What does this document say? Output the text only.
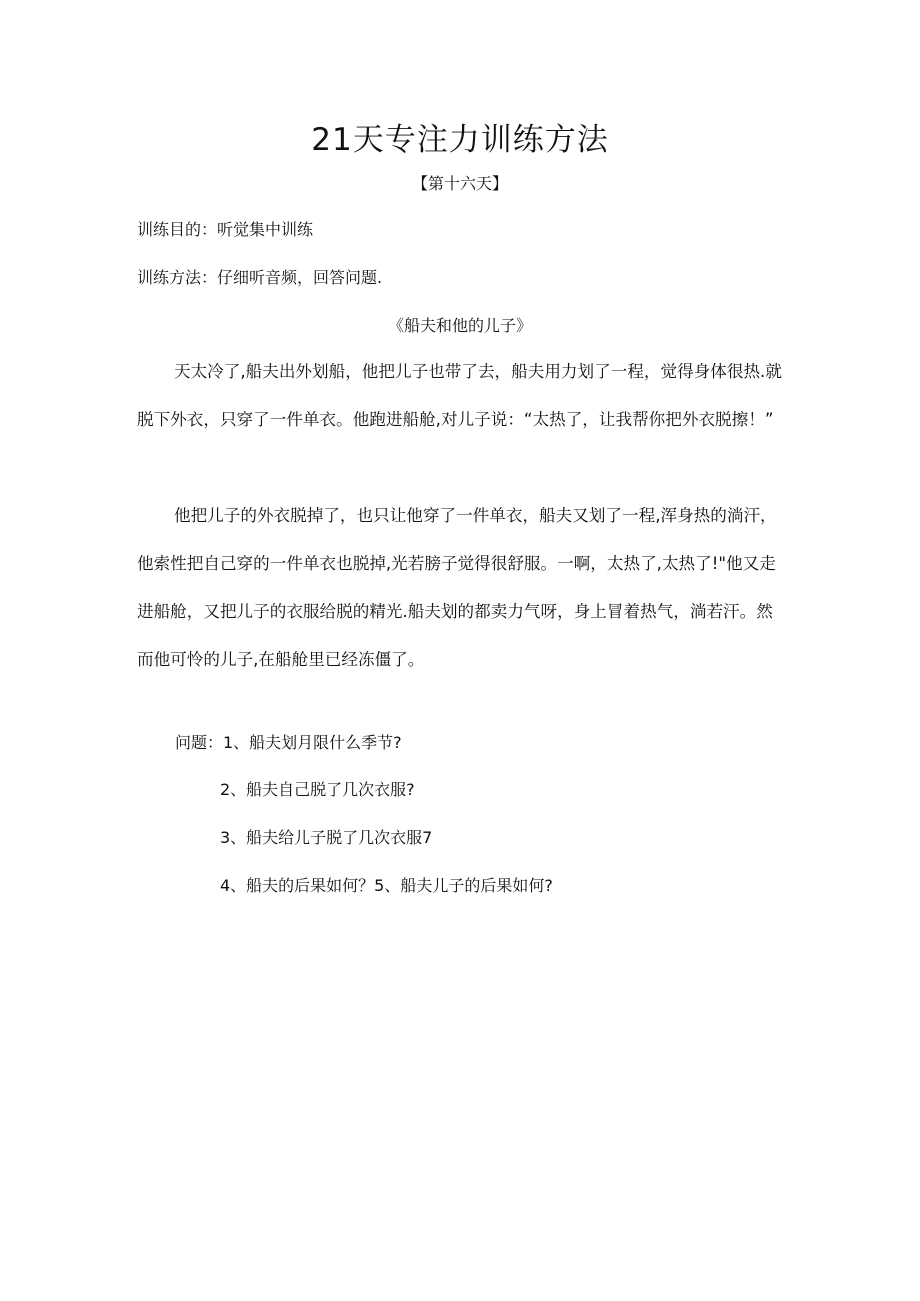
21天专注力训练方法
【第十六天】
训练目的：听觉集中训练
训练方法：仔细听音频，回答问题.
《船夫和他的儿子》
天太冷了,船夫出外划船，他把儿子也带了去，船夫用力划了一程，觉得身体很热.就脱下外衣，只穿了一件单衣。他跑进船舱,对儿子说：“太热了，让我帮你把外衣脱擦！”
他把儿子的外衣脱掉了，也只让他穿了一件单衣，船夫又划了一程,浑身热的淌汗，他索性把自己穿的一件单衣也脱掉,光若膀子觉得很舒服。一啊，太热了,太热了!"他又走进船舱，又把儿子的衣服给脱的精光.船夫划的都卖力气呀，身上冒着热气，淌若汗。然而他可怜的儿子,在船舱里已经冻僵了。
问题：1、船夫划月限什么季节?
2、船夫自己脱了几次衣服?
3、船夫给儿子脱了几次衣服7
4、船夫的后果如何？5、船夫儿子的后果如何?
